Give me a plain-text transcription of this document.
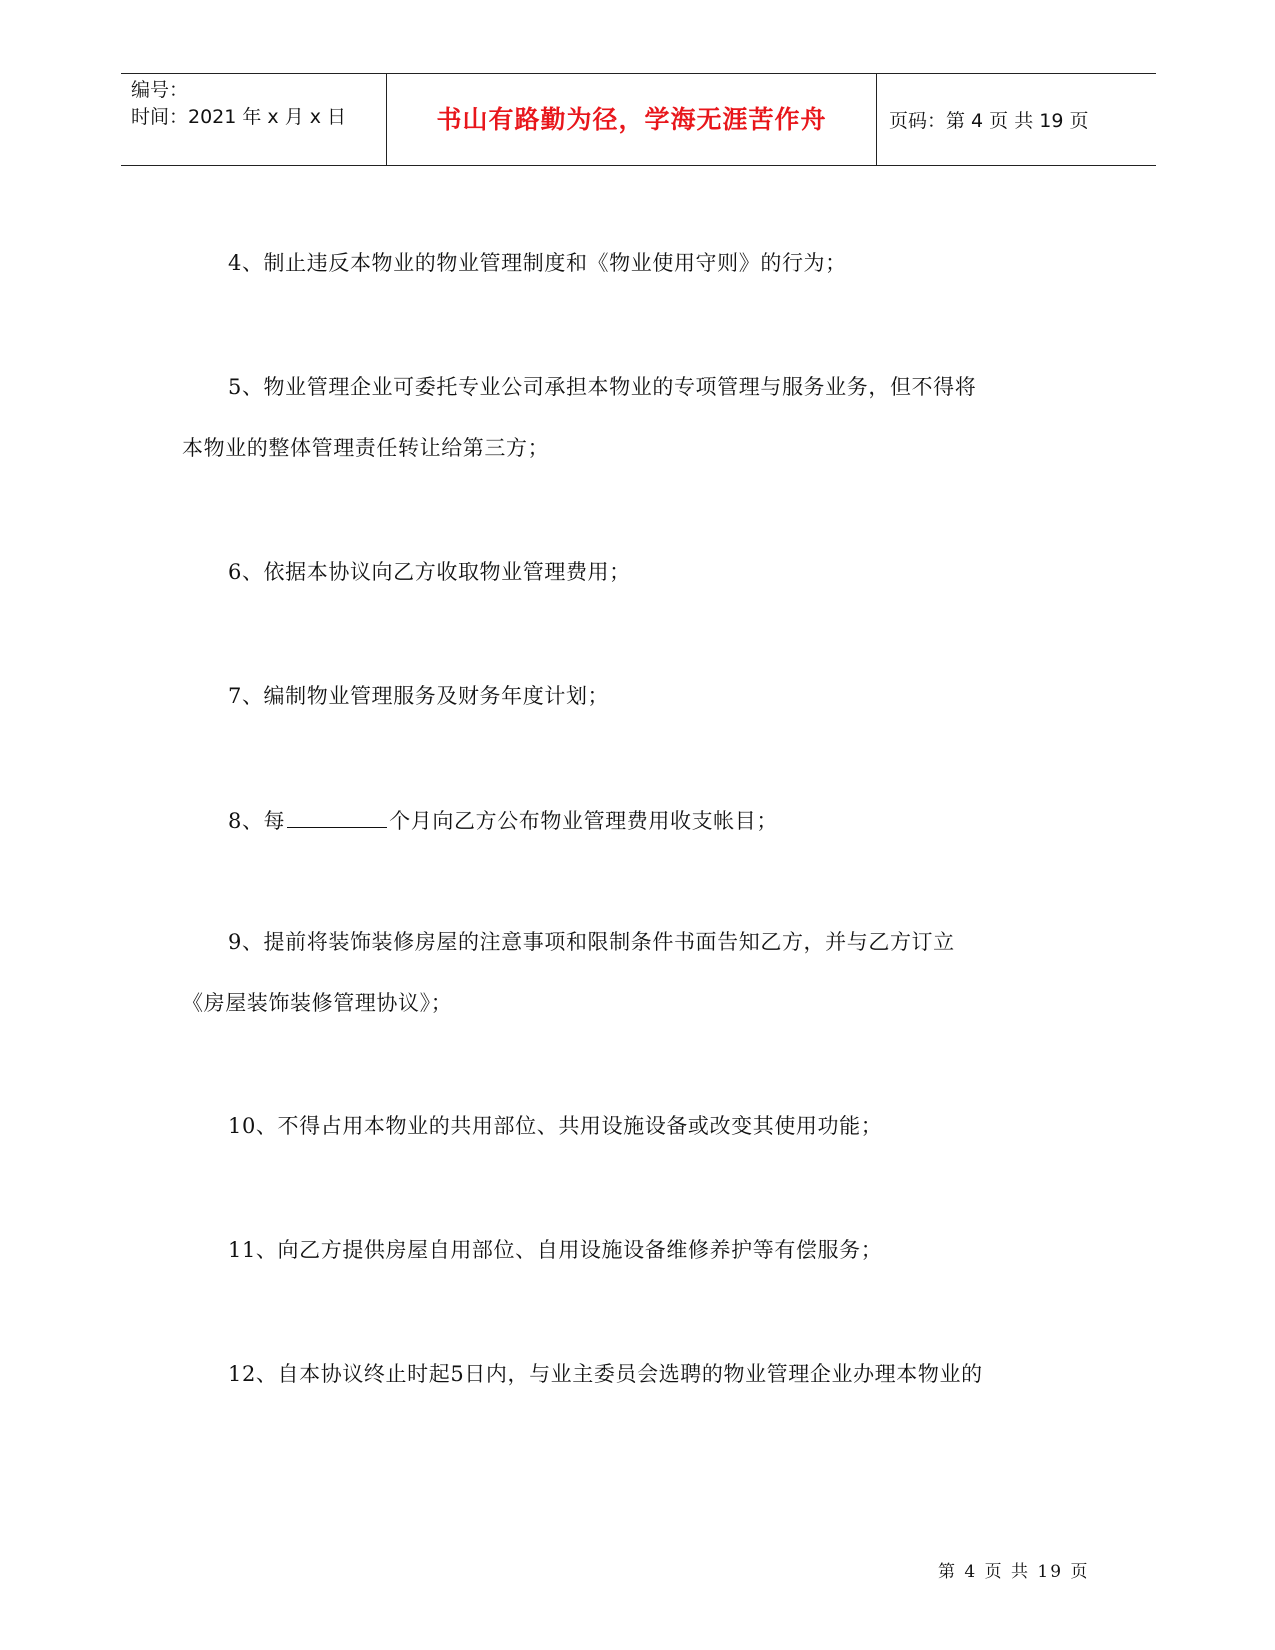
编号：
时间：2021 年 x 月 x 日	书山有路勤为径，学海无涯苦作舟	页码：第 4 页 共 19 页
4、制止违反本物业的物业管理制度和《物业使用守则》的行为；
5、物业管理企业可委托专业公司承担本物业的专项管理与服务业务，但不得将
本物业的整体管理责任转让给第三方；
6、依据本协议向乙方收取物业管理费用；
7、编制物业管理服务及财务年度计划；
8、每	个月向乙方公布物业管理费用收支帐目；
9、提前将装饰装修房屋的注意事项和限制条件书面告知乙方，并与乙方订立
《房屋装饰装修管理协议》；
10、不得占用本物业的共用部位、共用设施设备或改变其使用功能；
11、向乙方提供房屋自用部位、自用设施设备维修养护等有偿服务；
12、自本协议终止时起5日内，与业主委员会选聘的物业管理企业办理本物业的
第 4 页 共 19 页
